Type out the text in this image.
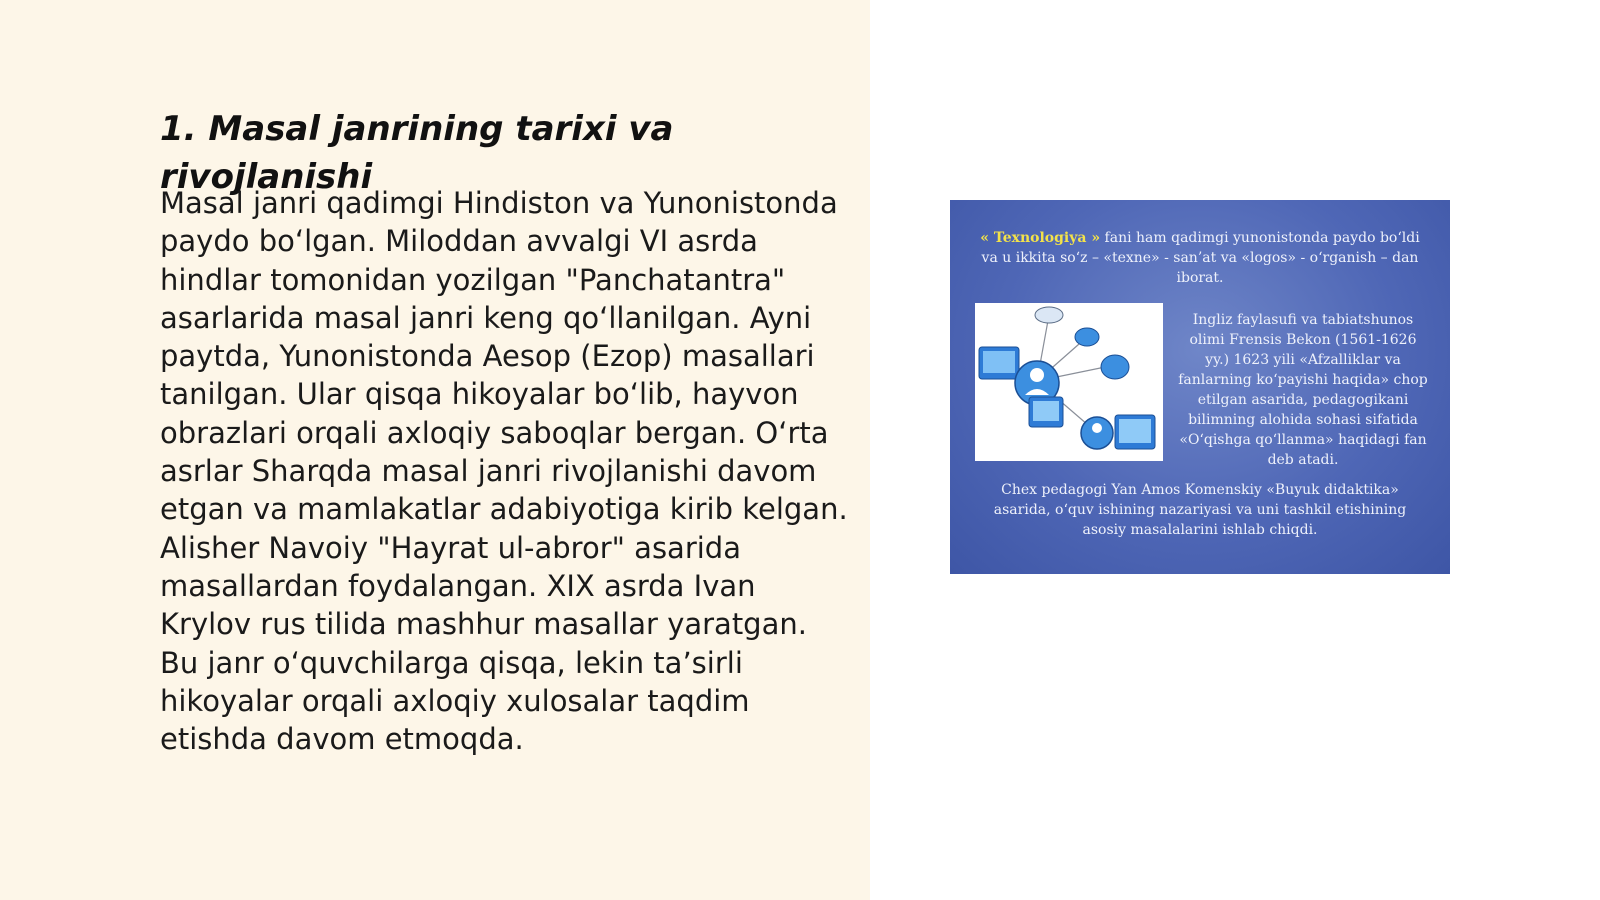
1. Masal janrining tarixi va rivojlanishi

Masal janri qadimgi Hindiston va Yunonistonda paydo bo‘lgan. Miloddan avvalgi VI asrda hindlar tomonidan yozilgan "Panchatantra" asarlarida masal janri keng qo‘llanilgan. Ayni paytda, Yunonistonda Aesop (Ezop) masallari tanilgan. Ular qisqa hikoyalar bo‘lib, hayvon obrazlari orqali axloqiy saboqlar bergan. O‘rta asrlar Sharqda masal janri rivojlanishi davom etgan va mamlakatlar adabiyotiga kirib kelgan. Alisher Navoiy "Hayrat ul-abror" asarida masallardan foydalangan. XIX asrda Ivan Krylov rus tilida mashhur masallar yaratgan. Bu janr o‘quvchilarga qisqa, lekin ta’sirli hikoyalar orqali axloqiy xulosalar taqdim etishda davom etmoqda.

« Texnologiya » fani ham qadimgi yunonistonda paydo bo‘ldi va u ikkita so‘z – «texne» - san’at va «logos» - o‘rganish – dan iborat.
Ingliz faylasufi va tabiatshunos olimi Frensis Bekon (1561-1626 yy.) 1623 yili «Afzalliklar va fanlarning ko‘payishi haqida» chop etilgan asarida, pedagogikani bilimning alohida sohasi sifatida «O‘qishga qo‘llanma» haqidagi fan deb atadi.
Chex pedagogi Yan Amos Komenskiy «Buyuk didaktika» asarida, o‘quv ishining nazariyasi va uni tashkil etishining asosiy masalalarini ishlab chiqdi.
